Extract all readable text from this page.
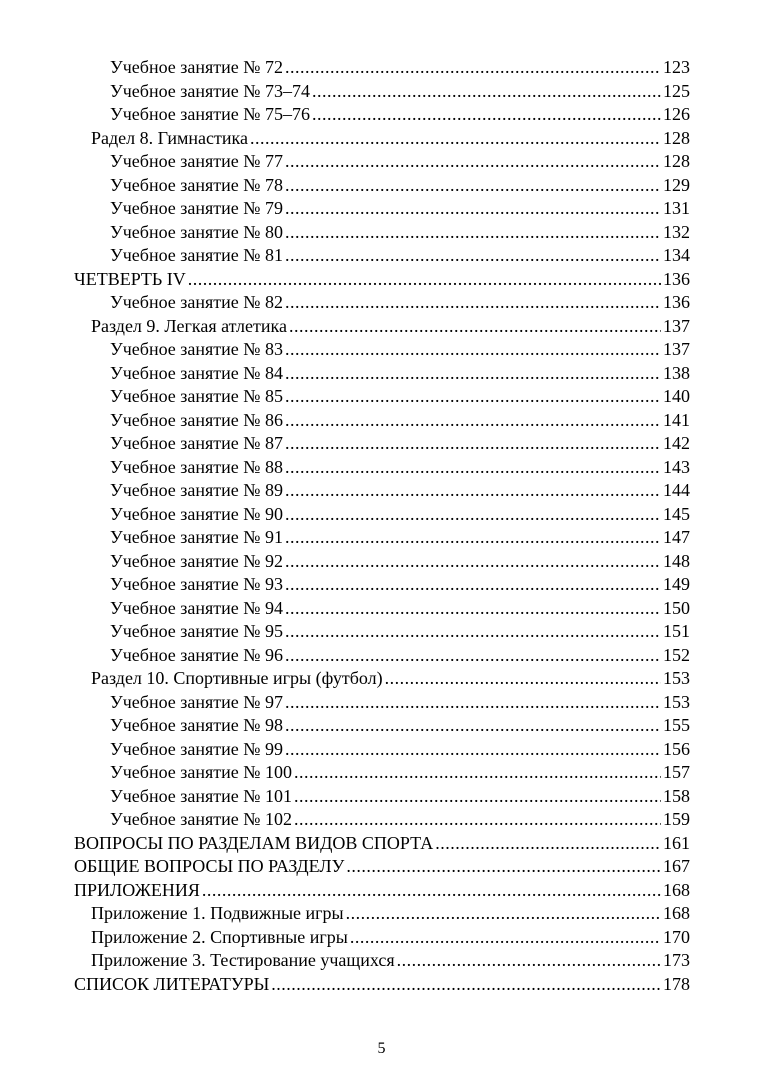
Учебное занятие № 72 .....	123
Учебное занятие № 73–74 .....	125
Учебное занятие № 75–76 .....	126
Радел 8. Гимнастика .....	128
Учебное занятие № 77 .....	128
Учебное занятие № 78 .....	129
Учебное занятие № 79 .....	131
Учебное занятие № 80 .....	132
Учебное занятие № 81 .....	134
ЧЕТВЕРТЬ IV .....	136
Учебное занятие № 82 .....	136
Раздел 9. Легкая атлетика .....	137
Учебное занятие № 83 .....	137
Учебное занятие № 84 .....	138
Учебное занятие № 85 .....	140
Учебное занятие № 86 .....	141
Учебное занятие № 87 .....	142
Учебное занятие № 88 .....	143
Учебное занятие № 89 .....	144
Учебное занятие № 90 .....	145
Учебное занятие № 91 .....	147
Учебное занятие № 92 .....	148
Учебное занятие № 93 .....	149
Учебное занятие № 94 .....	150
Учебное занятие № 95 .....	151
Учебное занятие № 96 .....	152
Раздел 10. Спортивные игры (футбол) .....	153
Учебное занятие № 97 .....	153
Учебное занятие № 98 .....	155
Учебное занятие № 99 .....	156
Учебное занятие № 100 .....	157
Учебное занятие № 101 .....	158
Учебное занятие № 102 .....	159
ВОПРОСЫ ПО РАЗДЕЛАМ ВИДОВ СПОРТА .....	161
ОБЩИЕ ВОПРОСЫ ПО РАЗДЕЛУ .....	167
ПРИЛОЖЕНИЯ .....	168
Приложение 1. Подвижные игры .....	168
Приложение 2. Спортивные игры .....	170
Приложение 3. Тестирование учащихся .....	173
СПИСОК ЛИТЕРАТУРЫ .....	178
5
